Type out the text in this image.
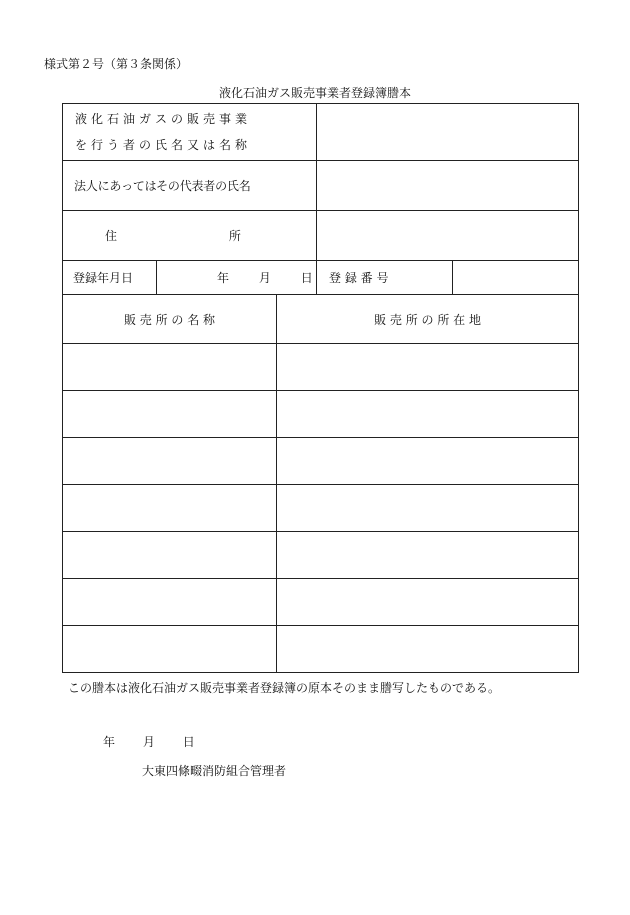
様式第２号（第３条関係）
液化石油ガス販売事業者登録簿謄本
液化石油ガスの販売事業
を行う者の氏名又は名称				

法人にあっては その代表者の氏名				
住 所				
登録年月日	年 月 日		登 録 番 号	
販 売 所 の 名 称		販 売 所 の 所 在 地		

この謄本は液化石油ガス販売事業者登録簿の原本そのまま謄写したものである。
年 月 日
大東四條畷消防組合管理者
